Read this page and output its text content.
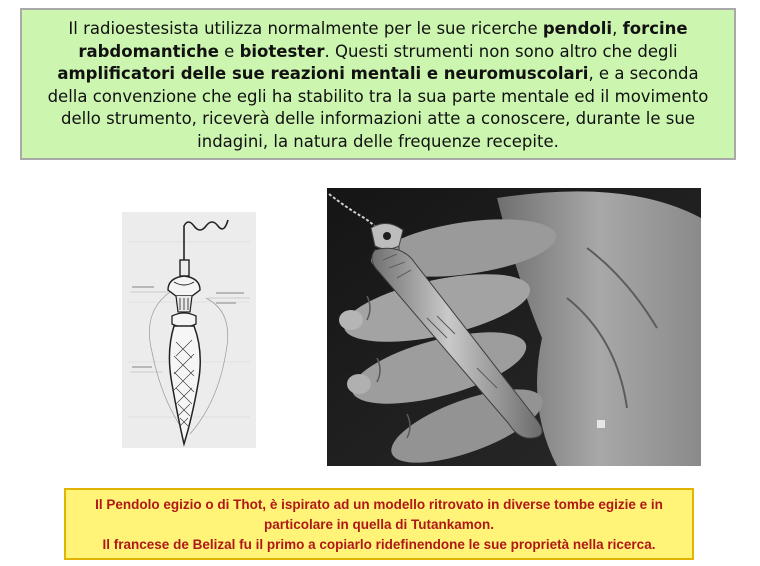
Il radioestesista utilizza normalmente per le sue ricerche pendoli, forcine rabdomantiche e biotester. Questi strumenti non sono altro che degli amplificatori delle sue reazioni mentali e neuromuscolari, e a seconda della convenzione che egli ha stabilito tra la sua parte mentale ed il movimento dello strumento, riceverà delle informazioni atte a conoscere, durante le sue indagini, la natura delle frequenze recepite.
Il Pendolo egizio o di Thot, è ispirato ad un modello ritrovato in diverse tombe egizie e in particolare in quella di Tutankamon.
Il francese de Belizal fu il primo a copiarlo ridefinendone le sue proprietà nella ricerca.
